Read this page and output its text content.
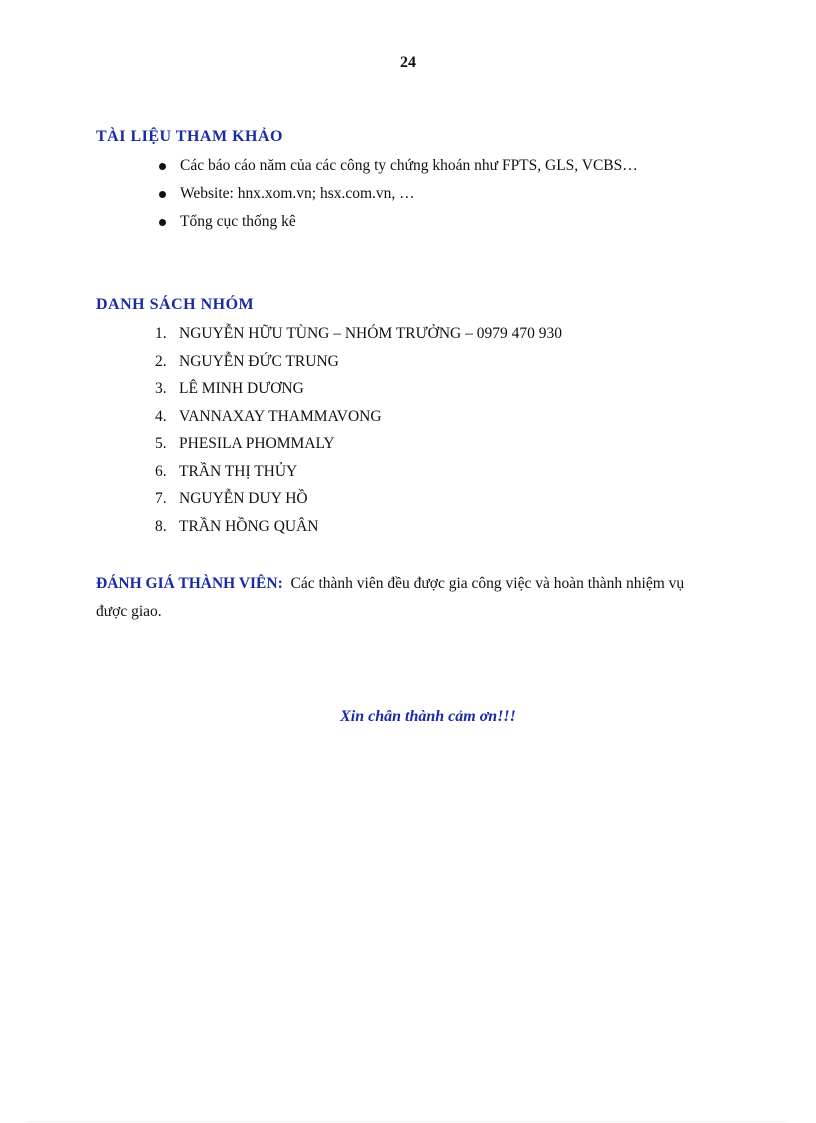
24
TÀI LIỆU THAM KHẢO
Các báo cáo năm của các công ty chứng khoán như FPTS, GLS, VCBS…
Website: hnx.xom.vn; hsx.com.vn, …
Tổng cục thống kê
DANH SÁCH NHÓM
1. NGUYỄN HỮU TÙNG – NHÓM TRƯỞNG – 0979 470 930
2. NGUYỄN ĐỨC TRUNG
3. LÊ MINH DƯƠNG
4. VANNAXAY THAMMAVONG
5. PHESILA PHOMMALY
6. TRẦN THỊ THỦY
7. NGUYỄN DUY HỒ
8. TRẦN HỒNG QUÂN
ĐÁNH GIÁ THÀNH VIÊN: Các thành viên đều được gia công việc và hoàn thành nhiệm vụ được giao.
Xin chân thành cảm ơn!!!
